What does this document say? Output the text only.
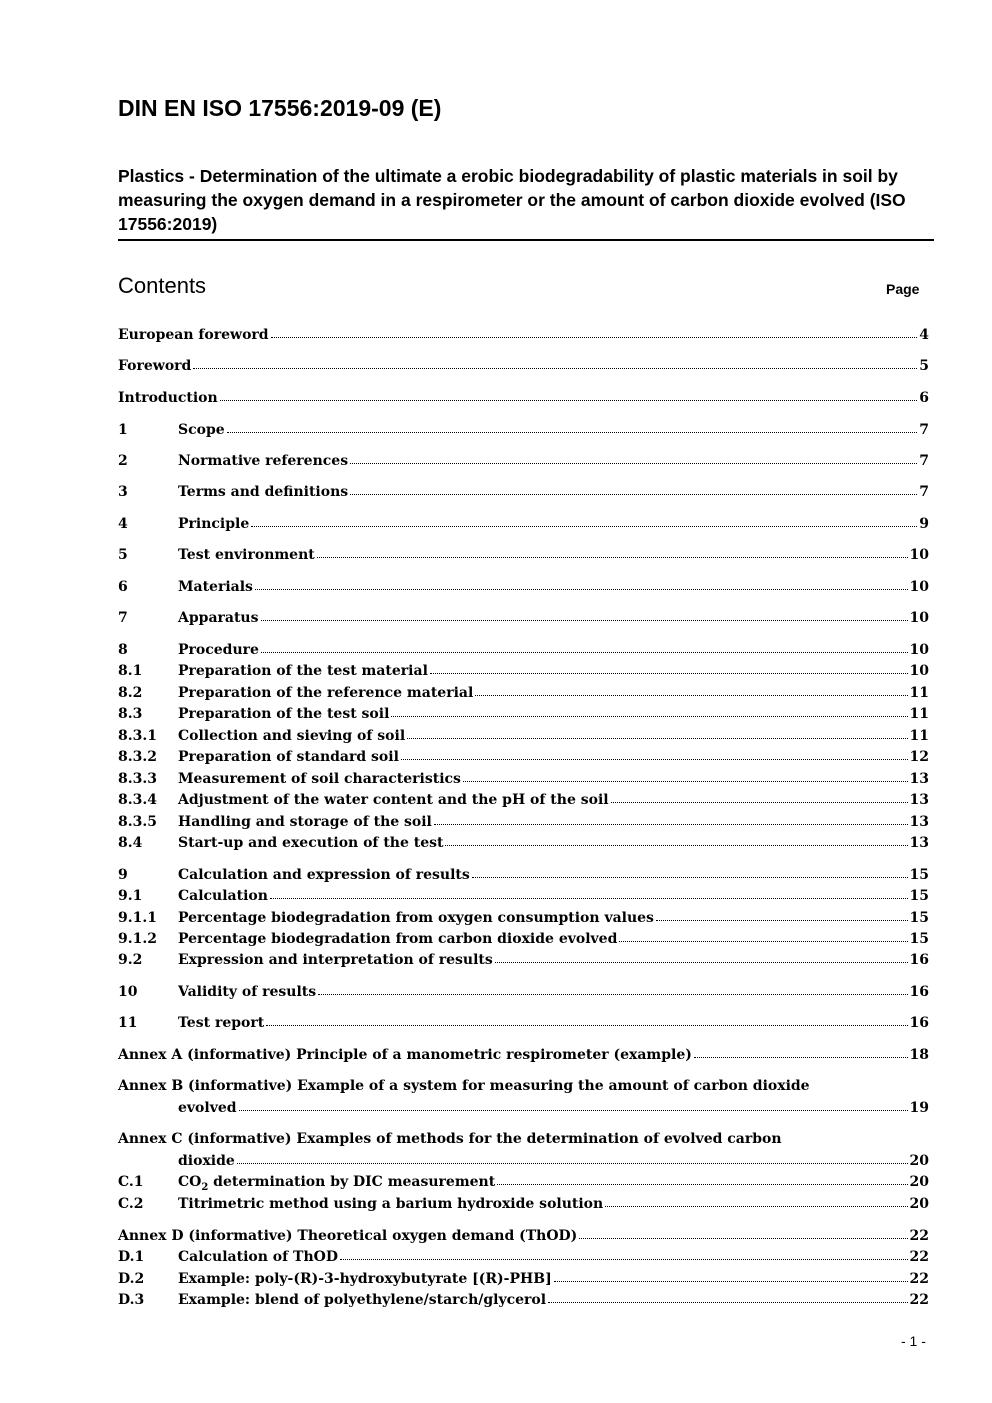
DIN EN ISO 17556:2019-09 (E)
Plastics - Determination of the ultimate a erobic biodegradability of plastic materials in soil by measuring the oxygen demand in a respirometer or the amount of carbon dioxide evolved (ISO 17556:2019)
Contents	Page
European foreword	4
Foreword	5
Introduction	6
1	Scope	7
2	Normative references	7
3	Terms and definitions	7
4	Principle	9
5	Test environment	10
6	Materials	10
7	Apparatus	10
8	Procedure	10
8.1	Preparation of the test material	10
8.2	Preparation of the reference material	11
8.3	Preparation of the test soil	11
8.3.1	Collection and sieving of soil	11
8.3.2	Preparation of standard soil	12
8.3.3	Measurement of soil characteristics	13
8.3.4	Adjustment of the water content and the pH of the soil	13
8.3.5	Handling and storage of the soil	13
8.4	Start-up and execution of the test	13
9	Calculation and expression of results	15
9.1	Calculation	15
9.1.1	Percentage biodegradation from oxygen consumption values	15
9.1.2	Percentage biodegradation from carbon dioxide evolved	15
9.2	Expression and interpretation of results	16
10	Validity of results	16
11	Test report	16
Annex A (informative) Principle of a manometric respirometer (example)	18
Annex B (informative) Example of a system for measuring the amount of carbon dioxide
evolved	19
Annex C (informative) Examples of methods for the determination of evolved carbon
dioxide	20
C.1	$CO_2$ determination by DIC measurement	20
C.2	Titrimetric method using a barium hydroxide solution	20
Annex D (informative) Theoretical oxygen demand (ThOD)	22
D.1	Calculation of ThOD	22
D.2	Example: poly-(R)-3-hydroxybutyrate [(R)-PHB]	22
D.3	Example: blend of polyethylene/starch/glycerol	22
- 1 -
